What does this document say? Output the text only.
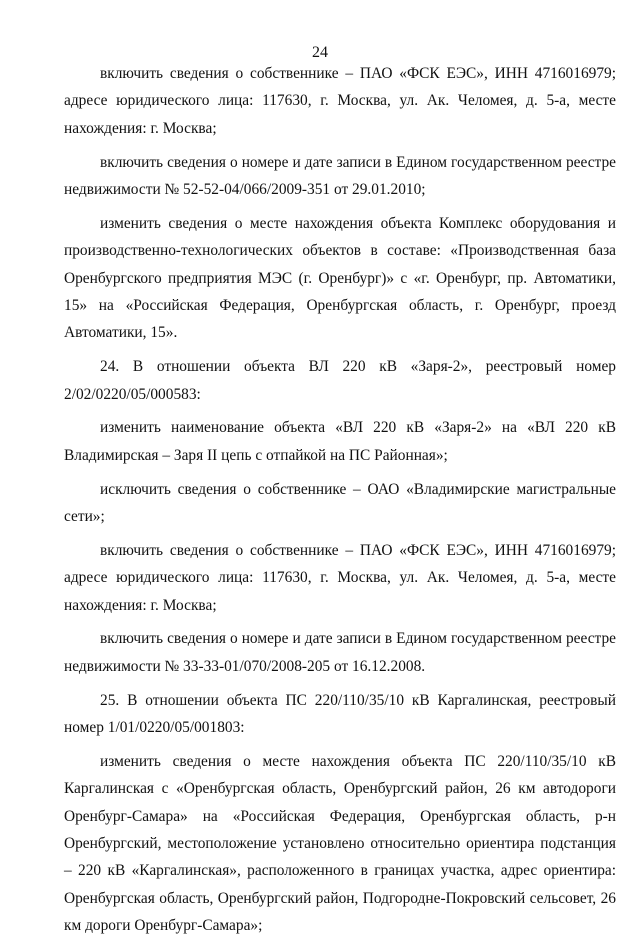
24

включить сведения о собственнике – ПАО «ФСК ЕЭС», ИНН 4716016979; адресе юридического лица: 117630, г. Москва, ул. Ак. Челомея, д. 5-а, месте нахождения: г. Москва;

включить сведения о номере и дате записи в Едином государственном реестре недвижимости № 52-52-04/066/2009-351 от 29.01.2010;

изменить сведения о месте нахождения объекта Комплекс оборудования и производственно-технологических объектов в составе: «Производственная база Оренбургского предприятия МЭС (г. Оренбург)» с «г. Оренбург, пр. Автоматики, 15» на «Российская Федерация, Оренбургская область, г. Оренбург, проезд Автоматики, 15».

24. В отношении объекта ВЛ 220 кВ «Заря-2», реестровый номер 2/02/0220/05/000583:

изменить наименование объекта «ВЛ 220 кВ «Заря-2» на «ВЛ 220 кВ Владимирская – Заря II цепь с отпайкой на ПС Районная»;

исключить сведения о собственнике – ОАО «Владимирские магистральные сети»;

включить сведения о собственнике – ПАО «ФСК ЕЭС», ИНН 4716016979; адресе юридического лица: 117630, г. Москва, ул. Ак. Челомея, д. 5-а, месте нахождения: г. Москва;

включить сведения о номере и дате записи в Едином государственном реестре недвижимости № 33-33-01/070/2008-205 от 16.12.2008.

25. В отношении объекта ПС 220/110/35/10 кВ Каргалинская, реестровый номер 1/01/0220/05/001803:

изменить сведения о месте нахождения объекта ПС 220/110/35/10 кВ Каргалинская с «Оренбургская область, Оренбургский район, 26 км автодороги Оренбург-Самара» на «Российская Федерация, Оренбургская область, р-н Оренбургский, местоположение установлено относительно ориентира подстанция – 220 кВ «Каргалинская», расположенного в границах участка, адрес ориентира: Оренбургская область, Оренбургский район, Подгородне-Покровский сельсовет, 26 км дороги Оренбург-Самара»;
